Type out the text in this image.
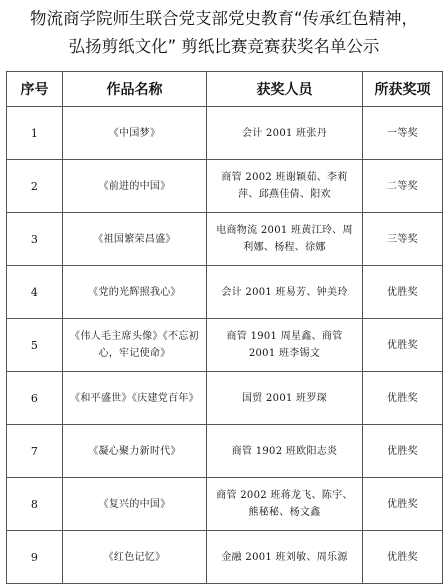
物流商学院师生联合党支部党史教育“传承红色精神，
弘扬剪纸文化” 剪纸比赛竞赛获奖名单公示
序号	作品名称	获奖人员	所获奖项
1	《中国梦》	会计 2001 班张丹	一等奖
2	《前进的中国》	商管 2002 班谢颖茹、李莉萍、邱燕佳倩、阳欢	二等奖
3	《祖国繁荣昌盛》	电商物流 2001 班黄江玲、周利娜、杨程、徐娜	三等奖
4	《党的光辉照我心》	会计 2001 班易芳、钟美玲	优胜奖
5	《伟人毛主席头像》《不忘初心，牢记使命》	商管 1901 周星鑫、商管 2001 班李锡文	优胜奖
6	《和平盛世》《庆建党百年》	国贸 2001 班罗琛	优胜奖
7	《凝心聚力新时代》	商管 1902 班欧阳志炎	优胜奖
8	《复兴的中国》	商管 2002 班蒋龙飞、陈宇、熊秘秘、杨文鑫	优胜奖
9	《红色记忆》	金融 2001 班刘敏、周乐源	优胜奖
